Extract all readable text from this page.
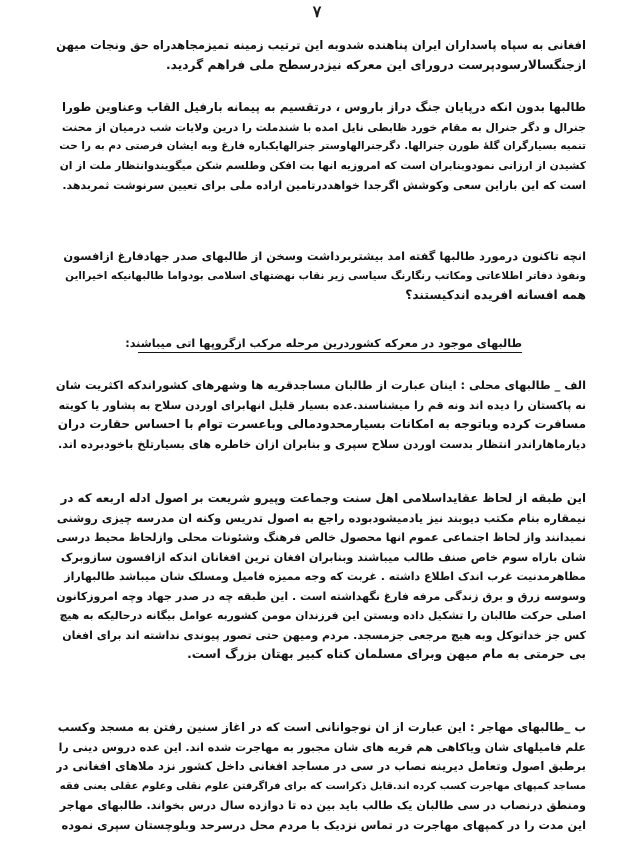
۷
افغانی به سپاه پاسداران ایران پناهنده شدوبه این ترتیب زمینه تمیزمجاهدراه حق ونجات میهن
ازجنگسالارسودپرست درورای این معرکه نیزدرسطح ملی فراهم گردید.
طالبها بدون انکه درپایان جنگ دراز باروس ، درتقسیم به پیمانه بارفیل القاب وعناوین طورا
جنرال و دگر جنرال به مقام خورد ظابطی نایل امده با شندملت را درین ولایات شب درمیان از محنت
تنمیه بسیارگران گلۀ طورن جنرالها. دگرجنرالهاوستر جنرالهایکباره فارغ وبه ایشان فرصتی دم به را حت
کشیدن از ارزانی نمودوبنابران است که امروزیه انها بت افکن وطلسم شکن میگویندوانتظار ملت از ان
است که این باراین سعی وکوشش اگرجدا خواهددرتامین اراده ملی برای تعیین سرنوشت ثمربدهد.
انچه تاکنون درمورد طالبها گفته امد بیشتربرداشت وسخن از طالبهای صدر جهادفارغ ازافسون
ونفوذ دفاتر اطلاعاتی ومکاتب رنگارنگ سیاسی زیر نقاب نهضتهای اسلامی بودواما طالبهانیکه اخیرااین
همه افسانه افریده اندکیستند؟
طالبهای موجود در معرکه کشوردرین مرحله مرکب ازگروپها اتی میباشند:
الف _ طالبهای محلی : اینان عبارت از طالبان مساجدقریه ها وشهرهای کشوراندکه اکثریت شان
نه پاکستان را دیده اند ونه قم را میشناسند.عده بسیار قلیل انهابرای اوردن سلاح به پشاور یا کویته
مسافرت کرده وباتوجه به امکانات بسیارمحدودمالی وباعسرت توام با احساس حقارت دران
دیارماهاراندر انتظار بدست اوردن سلاح سپری و بنابران ازان خاطره های بسیارتلخ باخودبرده اند.
این طبقه از لحاظ عقایداسلامی اهل سنت وجماعت وپیرو شریعت بر اصول ادله اربعه که در
نیمقاره بنام مکتب دیوبند نیز یادمیشودبوده راجع به اصول تدریس وکنه ان مدرسه چیزی روشنی
نمیدانند واز لحاظ اجتماعی عموم انها محصول خالص فرهنگ وشئونات محلی وازلحاظ محیط درسی
شان باراه سوم خاص صنف طالب میباشند وبنابران افغان ترین افغانان اندکه ازافسون سازوبرک
مظاهرمدنیت غرب اندک اطلاع داشته . غربت که وجه ممیزه فامیل ومسلک شان میباشد طالبهاراز
وسوسه زرق و برق زندگی مرفه فارغ نگهداشته است . این طبقه چه در صدر جهاد وچه امروزکانون
اصلی حرکت طالبان را تشکیل داده وبستن این فرزندان مومن کشوربه عوامل بیگانه درحالیکه به هیچ
کس جز خداتوکل وبه هیچ مرجعی جزمسجد. مردم ومیهن حتی تصور پیوندی نداشته اند برای افغان
بی حرمتی به مام میهن وبرای مسلمان کناه کبیر بهتان بزرگ است.
ب _طالبهای مهاجر : این عبارت از ان نوجوانانی است که در اغاز سنین رفتن به مسجد وکسب
علم فامیلهای شان ویاکاهی هم قریه های شان مجبور به مهاجرت شده اند. این عده دروس دینی را
برطبق اصول وتعامل دیرینه نصاب در سی در مساجد افغانی داخل کشور نزد ملاهای افغانی در
مساجد کمپهای مهاجرت کسب کرده اند.قابل ذکراست که برای فراگرفتن علوم نقلی وعلوم عقلی یعنی فقه
ومنطق درنصاب در سی طالبان یک طالب باید بین ده تا دوازده سال درس بخواند. طالبهای مهاجر
این مدت را در کمپهای مهاجرت در تماس نزدیک با مردم محل درسرحد وبلوچستان سپری نموده
